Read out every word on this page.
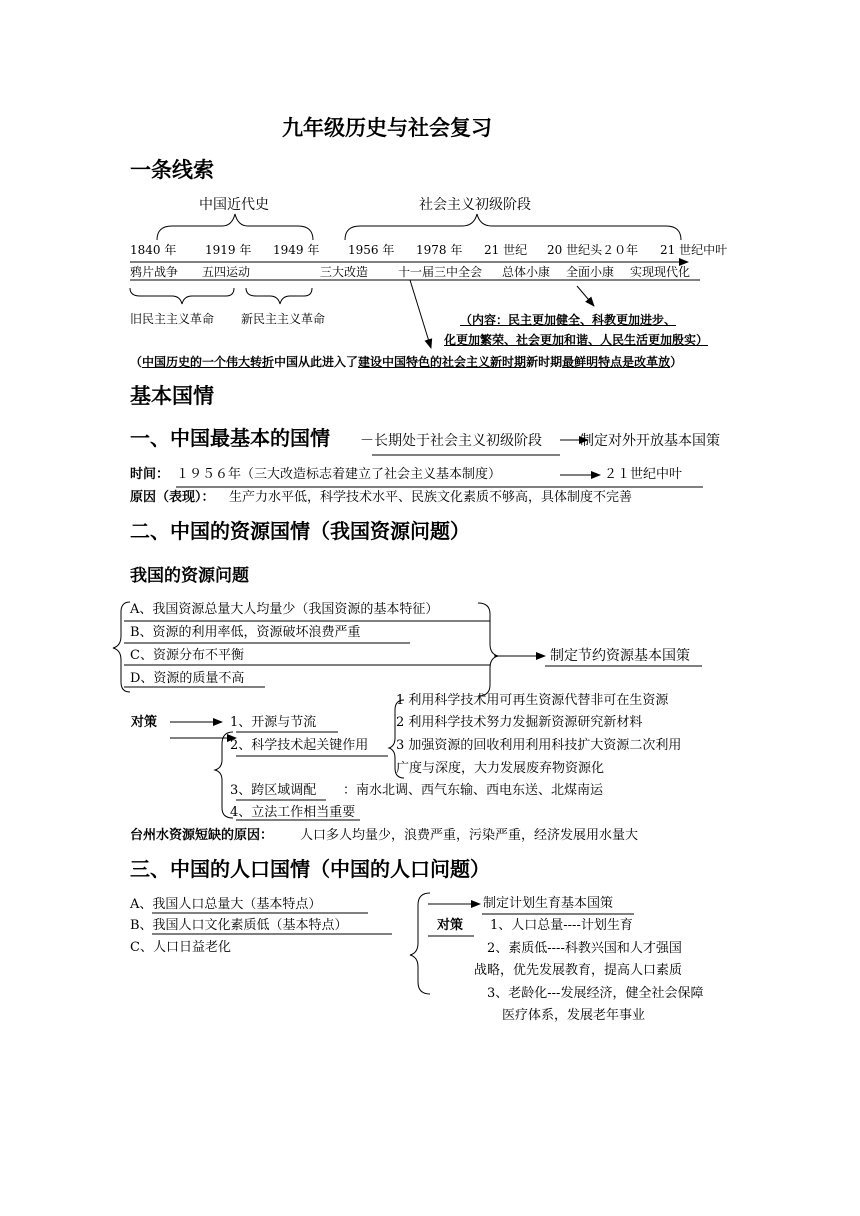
九年级历史与社会复习
一条线索
中国近代史	社会主义初级阶段
1840 年 1919 年 1949 年 1956 年 1978 年 21 世纪 20 世纪头２０年 21 世纪中叶
鸦片战争 五四运动	三大改造 十一届三中全会 总体小康 全面小康 实现现代化
旧民主主义革命 新民主主义革命	（内容：民主更加健全、科教更加进步、
化更加繁荣、社会更加和谐、人民生活更加殷实）
（中国历史的一个伟大转折中国从此进入了建设中国特色的社会主义新时期新时期最鲜明特点是改革放）
基本国情
一、中国最基本的国情 － 长期处于社会主义初级阶段	制定对外开放基本国策
时间： １９５６年（三大改造标志着建立了社会主义基本制度）	２１世纪中叶
原因（表现）： 生产力水平低，科学技术水平、民族文化素质不够高，具体制度不完善
二、中国的资源国情（我国资源问题）
我国的资源问题
A、我国资源总量大人均量少（我国资源的基本特征）
B、资源的利用率低，资源破坏浪费严重
C、资源分布不平衡
D、资源的质量不高
制定节约资源基本国策
对策	1、开源与节流
2、科学技术起关键作用
3、跨区域调配
4、立法工作相当重要
：南水北调、西气东输、西电东送、北煤南运
1 利用科学技术用可再生资源代替非可在生资源
2 利用科学技术努力发掘新资源研究新材料
3 加强资源的回收利用利用科技扩大资源二次利用
广度与深度，大力发展废弃物资源化
台州水资源短缺的原因： 人口多人均量少，浪费严重，污染严重，经济发展用水量大
三、中国的人口国情（中国的人口问题）
A、我国人口总量大（基本特点）
B、我国人口文化素质低（基本特点）
C、人口日益老化
制定计划生育基本国策
对策 1、人口总量----计划生育
2、素质低----科教兴国和人才强国
战略，优先发展教育，提高人口素质
3、老龄化---发展经济，健全社会保障
医疗体系，发展老年事业
